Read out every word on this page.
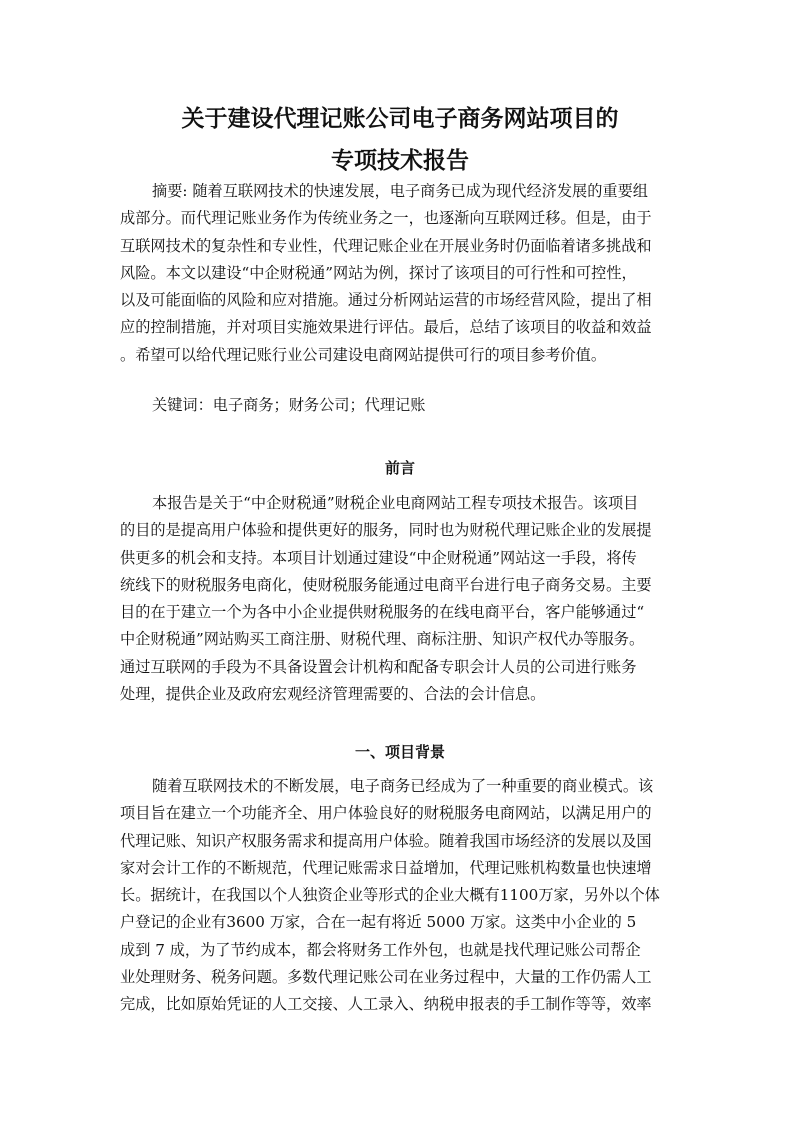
关于建设代理记账公司电子商务网站项目的
专项技术报告
摘要: 随着互联网技术的快速发展，电子商务已成为现代经济发展的重要组
成部分。而代理记账业务作为传统业务之一，也逐渐向互联网迁移。但是，由于
互联网技术的复杂性和专业性，代理记账企业在开展业务时仍面临着诸多挑战和
风险。本文以建设“中企财税通”网站为例，探讨了该项目的可行性和可控性，
以及可能面临的风险和应对措施。通过分析网站运营的市场经营风险，提出了相
应的控制措施，并对项目实施效果进行评估。最后，总结了该项目的收益和效益
。希望可以给代理记账行业公司建设电商网站提供可行的项目参考价值。
关键词：电子商务；财务公司；代理记账
前言
本报告是关于“中企财税通”财税企业电商网站工程专项技术报告。该项目
的目的是提高用户体验和提供更好的服务，同时也为财税代理记账企业的发展提
供更多的机会和支持。本项目计划通过建设“中企财税通”网站这一手段，将传
统线下的财税服务电商化，使财税服务能通过电商平台进行电子商务交易。主要
目的在于建立一个为各中小企业提供财税服务的在线电商平台，客户能够通过“
中企财税通”网站购买工商注册、财税代理、商标注册、知识产权代办等服务。
通过互联网的手段为不具备设置会计机构和配备专职会计人员的公司进行账务
处理，提供企业及政府宏观经济管理需要的、合法的会计信息。
一、项目背景
随着互联网技术的不断发展，电子商务已经成为了一种重要的商业模式。该
项目旨在建立一个功能齐全、用户体验良好的财税服务电商网站，以满足用户的
代理记账、知识产权服务需求和提高用户体验。随着我国市场经济的发展以及国
家对会计工作的不断规范，代理记账需求日益增加，代理记账机构数量也快速增
长。据统计，在我国以个人独资企业等形式的企业大概有1100万家，另外以个体
户登记的企业有3600 万家，合在一起有将近 5000 万家。这类中小企业的 5
成到 7 成，为了节约成本，都会将财务工作外包，也就是找代理记账公司帮企
业处理财务、税务问题。多数代理记账公司在业务过程中，大量的工作仍需人工
完成，比如原始凭证的人工交接、人工录入、纳税申报表的手工制作等等，效率
